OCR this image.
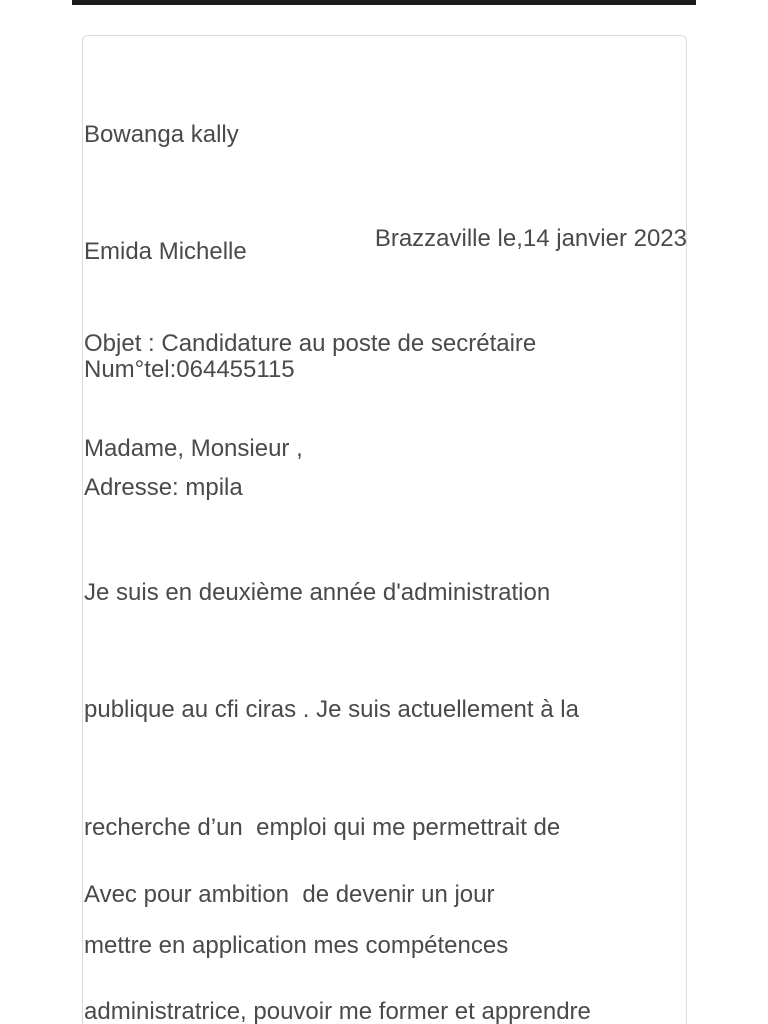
Bowanga kally

Emida Michelle

Num°tel:064455115

Adresse: mpila

Brazzaville le,14 janvier 2023
Objet : Candidature au poste de secrétaire
Madame, Monsieur ,

Je suis en deuxième année d'administration

publique au cfi ciras . Je suis actuellement à la

recherche d’un  emploi qui me permettrait de

mettre en application mes compétences

Avec pour ambition  de devenir un jour

administratrice, pouvoir me former et apprendre
